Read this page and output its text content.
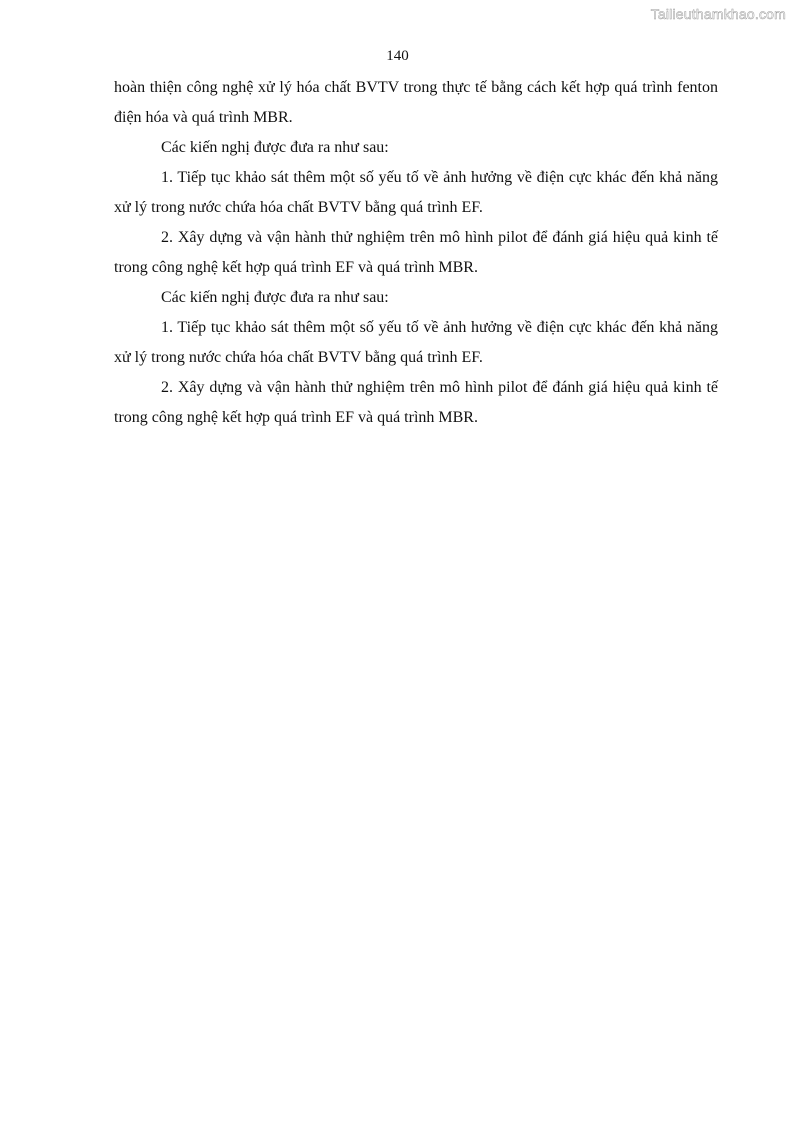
Tailieuthamkhao.com
140

hoàn thiện công nghệ xử lý hóa chất BVTV trong thực tế bằng cách kết hợp quá trình fenton điện hóa và quá trình MBR.

Các kiến nghị được đưa ra như sau:

1. Tiếp tục khảo sát thêm một số yếu tố về ảnh hưởng về điện cực khác đến khả năng xử lý trong nước chứa hóa chất BVTV bằng quá trình EF.

2. Xây dựng và vận hành thử nghiệm trên mô hình pilot để đánh giá hiệu quả kinh tế trong công nghệ kết hợp quá trình EF và quá trình MBR.

Các kiến nghị được đưa ra như sau:

1. Tiếp tục khảo sát thêm một số yếu tố về ảnh hưởng về điện cực khác đến khả năng xử lý trong nước chứa hóa chất BVTV bằng quá trình EF.

2. Xây dựng và vận hành thử nghiệm trên mô hình pilot để đánh giá hiệu quả kinh tế trong công nghệ kết hợp quá trình EF và quá trình MBR.
